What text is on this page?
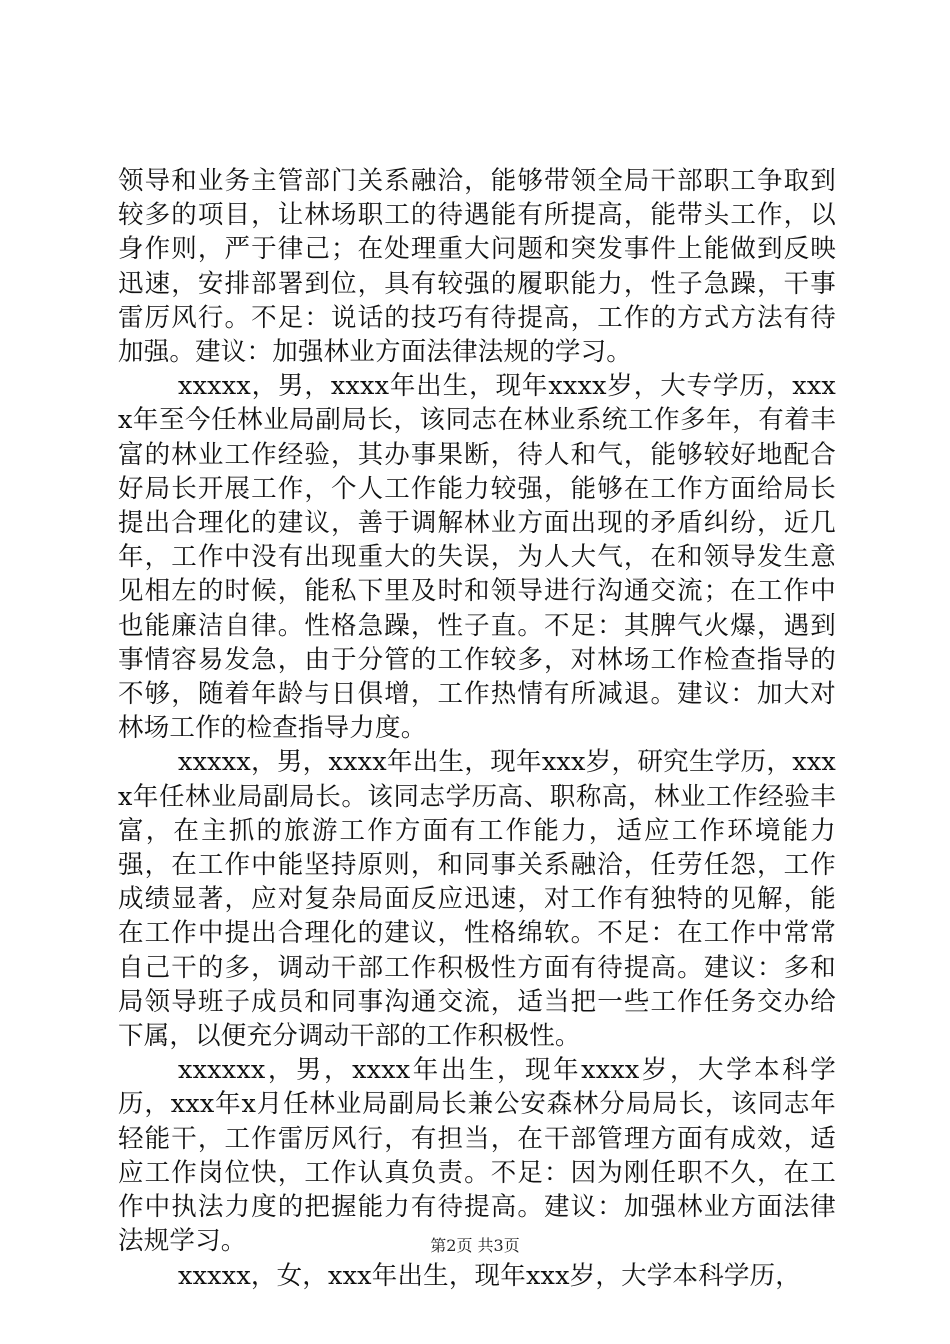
领导和业务主管部门关系融洽，能够带领全局干部职工争取到较多的项目，让林场职工的待遇能有所提高，能带头工作，以身作则，严于律己；在处理重大问题和突发事件上能做到反映迅速，安排部署到位，具有较强的履职能力，性子急躁，干事雷厉风行。不足：说话的技巧有待提高，工作的方式方法有待加强。建议：加强林业方面法律法规的学习。

xxxxx，男，xxxx年出生，现年xxxx岁，大专学历，xxxx年至今任林业局副局长，该同志在林业系统工作多年，有着丰富的林业工作经验，其办事果断，待人和气，能够较好地配合好局长开展工作，个人工作能力较强，能够在工作方面给局长提出合理化的建议，善于调解林业方面出现的矛盾纠纷，近几年，工作中没有出现重大的失误，为人大气，在和领导发生意见相左的时候，能私下里及时和领导进行沟通交流；在工作中也能廉洁自律。性格急躁，性子直。不足：其脾气火爆，遇到事情容易发急，由于分管的工作较多，对林场工作检查指导的不够，随着年龄与日俱增，工作热情有所减退。建议：加大对林场工作的检查指导力度。

xxxxx，男，xxxx年出生，现年xxx岁，研究生学历，xxxx年任林业局副局长。该同志学历高、职称高，林业工作经验丰富，在主抓的旅游工作方面有工作能力，适应工作环境能力强，在工作中能坚持原则，和同事关系融洽，任劳任怨，工作成绩显著，应对复杂局面反应迅速，对工作有独特的见解，能在工作中提出合理化的建议，性格绵软。不足：在工作中常常自己干的多，调动干部工作积极性方面有待提高。建议：多和局领导班子成员和同事沟通交流，适当把一些工作任务交办给下属，以便充分调动干部的工作积极性。

xxxxxx，男，xxxx年出生，现年xxxx岁，大学本科学历，xxx年x月任林业局副局长兼公安森林分局局长，该同志年轻能干，工作雷厉风行，有担当，在干部管理方面有成效，适应工作岗位快，工作认真负责。不足：因为刚任职不久，在工作中执法力度的把握能力有待提高。建议：加强林业方面法律法规学习。

xxxxx，女，xxx年出生，现年xxx岁，大学本科学历，

第2页 共3页
